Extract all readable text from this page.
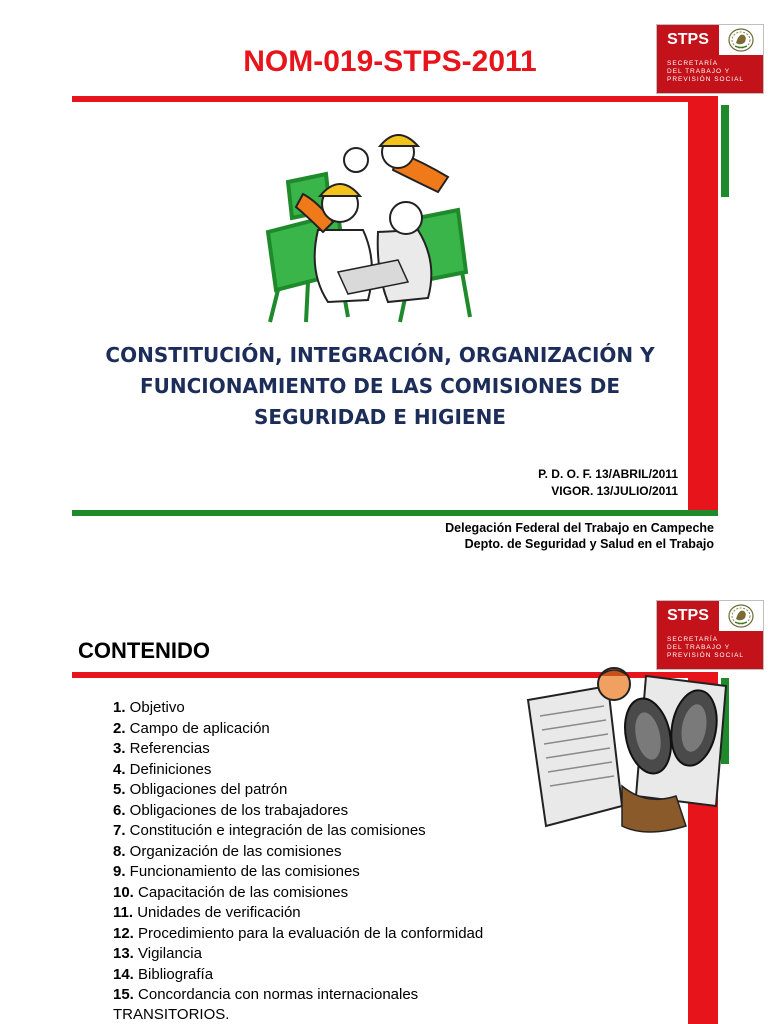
STPS
SECRETARÍA
DEL TRABAJO Y
PREVISIÓN SOCIAL
NOM-019-STPS-2011
CONSTITUCIÓN, INTEGRACIÓN, ORGANIZACIÓN Y
FUNCIONAMIENTO DE LAS COMISIONES DE
SEGURIDAD E HIGIENE
P. D. O. F. 13/ABRIL/2011
VIGOR. 13/JULIO/2011
Delegación Federal del Trabajo en Campeche
Depto. de Seguridad y Salud en el Trabajo
STPS
SECRETARÍA
DEL TRABAJO Y
PREVISIÓN SOCIAL
CONTENIDO
1. Objetivo
2. Campo de aplicación
3. Referencias
4. Definiciones
5. Obligaciones del patrón
6. Obligaciones de los trabajadores
7. Constitución e integración de las comisiones
8. Organización de las comisiones
9. Funcionamiento de las comisiones
10. Capacitación de las comisiones
11. Unidades de verificación
12. Procedimiento para la evaluación de la conformidad
13. Vigilancia
14. Bibliografía
15. Concordancia con normas internacionales
TRANSITORIOS.
